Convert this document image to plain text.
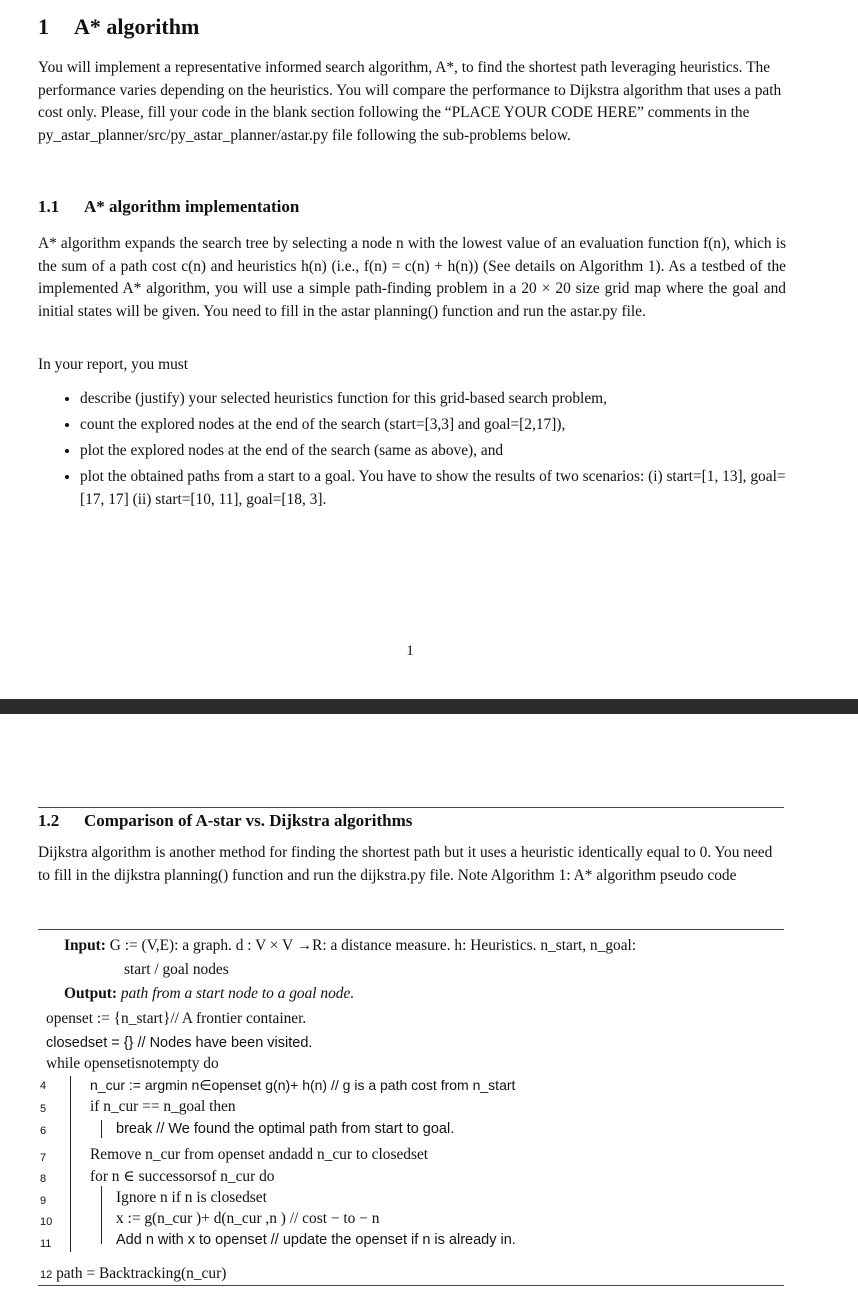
1 A* algorithm
You will implement a representative informed search algorithm, A*, to find the shortest path leveraging heuristics. The performance varies depending on the heuristics. You will compare the performance to Dijkstra algorithm that uses a path cost only. Please, fill your code in the blank section following the “PLACE YOUR CODE HERE” comments in the py_astar_planner/src/py_astar_planner/astar.py file following the sub-problems below.
1.1 A* algorithm implementation
A* algorithm expands the search tree by selecting a node n with the lowest value of an evaluation function f(n), which is the sum of a path cost c(n) and heuristics h(n) (i.e., f(n) = c(n) + h(n)) (See details on Algorithm 1). As a testbed of the implemented A* algorithm, you will use a simple path-finding problem in a 20 × 20 size grid map where the goal and initial states will be given. You need to fill in the astar planning() function and run the astar.py file.
In your report, you must
• describe (justify) your selected heuristics function for this grid-based search problem,
• count the explored nodes at the end of the search (start=[3,3] and goal=[2,17]),
• plot the explored nodes at the end of the search (same as above), and
• plot the obtained paths from a start to a goal. You have to show the results of two scenarios: (i) start=[1, 13], goal=[17, 17] (ii) start=[10, 11], goal=[18, 3].
1
1.2 Comparison of A-star vs. Dijkstra algorithms
Dijkstra algorithm is another method for finding the shortest path but it uses a heuristic identically equal to 0. You need to fill in the dijkstra planning() function and run the dijkstra.py file. Note Algorithm 1: A* algorithm pseudo code
Input: G := (V,E): a graph. d : V × V →R: a distance measure. h: Heuristics. n_start, n_goal:
start / goal nodes
Output: path from a start node to a goal node.
openset := {n_start}// A frontier container.
closedset = {} // Nodes have been visited.
while opensetisnotempty do
4	n_cur := argmin n∈openset g(n)+ h(n) // g is a path cost from n_start
5	if n_cur == n_goal then
6	break // We found the optimal path from start to goal.
7	Remove n_cur from openset andadd n_cur to closedset
8	for n ∈ successorsof n_cur do
9	Ignore n if n is closedset
10	x := g(n_cur )+ d(n_cur ,n ) // cost − to − n
11	Add n with x to openset // update the openset if n is already in.
12 path = Backtracking(n_cur)
